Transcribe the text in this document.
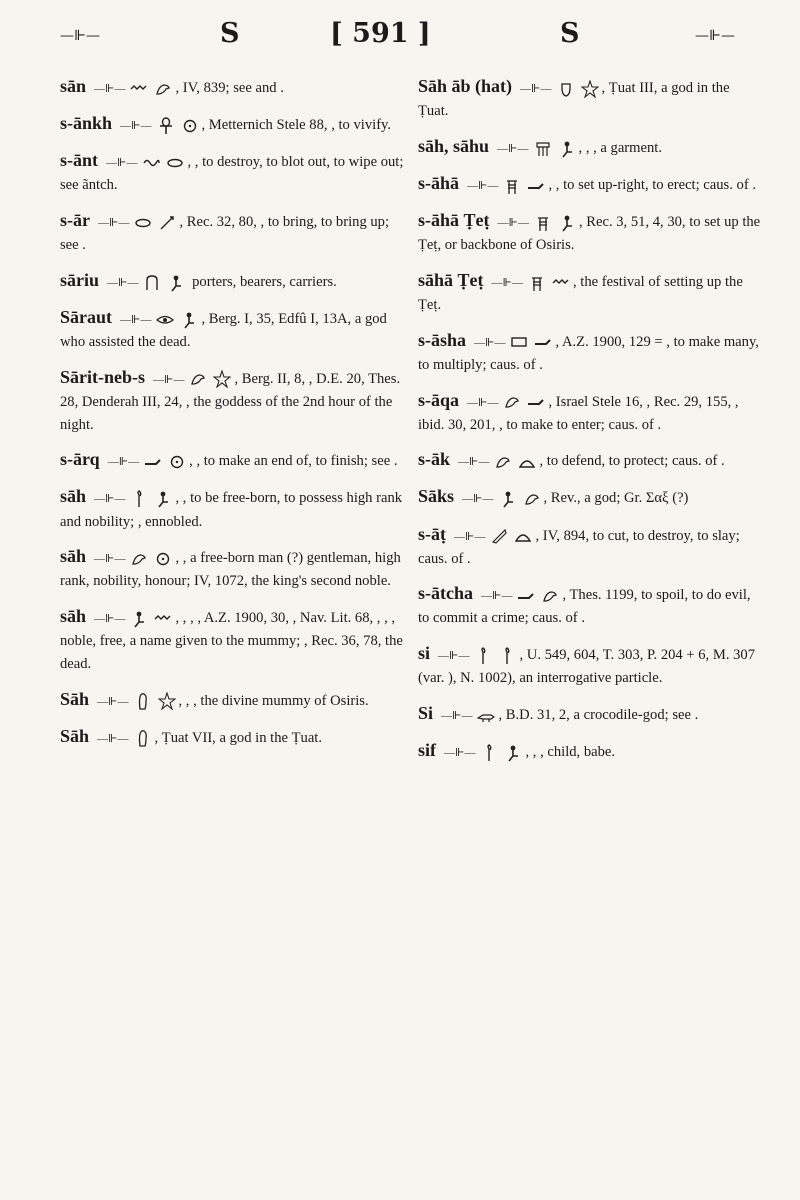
—⊩—	S	[ 591 ]	S	—⊩—

sān —⊩—	, IV, 839; see and .

s-ānkh —⊩—	, Metternich Stele 88, , to vivify.

s-ānt —⊩—	, , to destroy, to blot out, to wipe out; see ãntch.

s-ār —⊩—	, Rec. 32, 80, , to bring, to bring up; see .

sāriu —⊩—	porters, bearers, carriers.

Sāraut —⊩—	, Berg. I, 35, Edfû I, 13A, a god who assisted the dead.

Sārit-neb-s —⊩—	, Berg. II, 8, , D.E. 20, Thes. 28, Denderah III, 24, , the goddess of the 2nd hour of the night.

s-ārq —⊩—	, , to make an end of, to finish; see .

sāh —⊩—	, , to be free-born, to possess high rank and nobility; , ennobled.

sāh —⊩—	, , a free-born man (?) gentleman, high rank, nobility, honour; IV, 1072, the king's second noble.

sāh —⊩—	, , , , A.Z. 1900, 30, , Nav. Lit. 68, , , , noble, free, a name given to the mummy; , Rec. 36, 78, the dead.

Sāh —⊩—	, , , the divine mummy of Osiris.

Sāh —⊩— , Ṭuat VII, a god in the Ṭuat.

Sāh āb (hat) —⊩—	, Ṭuat III, a god in the Ṭuat.

sāh, sāhu —⊩—	, , , a garment.

s-āhā —⊩—	, , to set up-right, to erect; caus. of .

s-āhā Ṭeṭ —⊩—	, Rec. 3, 51, 4, 30, to set up the Ṭeṭ, or backbone of Osiris.

sāhā Ṭeṭ —⊩—	, the festival of setting up the Ṭeṭ.

s-āsha —⊩—	, A.Z. 1900, 129 = , to make many, to multiply; caus. of .

s-āqa —⊩—	, Israel Stele 16, , Rec. 29, 155, , ibid. 30, 201, , to make to enter; caus. of .

s-āk —⊩—	, to defend, to protect; caus. of .

Sāks —⊩—	, Rev., a god; Gr. Σαξ (?)

s-āṭ —⊩—	, IV, 894, to cut, to destroy, to slay; caus. of .

s-ātcha —⊩—	, Thes. 1199, to spoil, to do evil, to commit a crime; caus. of .

si —⊩—	, U. 549, 604, T. 303, P. 204 + 6, M. 307 (var. ), N. 1002), an interrogative particle.

Si —⊩— , B.D. 31, 2, a crocodile-god; see .

sif —⊩—	, , , child, babe.
